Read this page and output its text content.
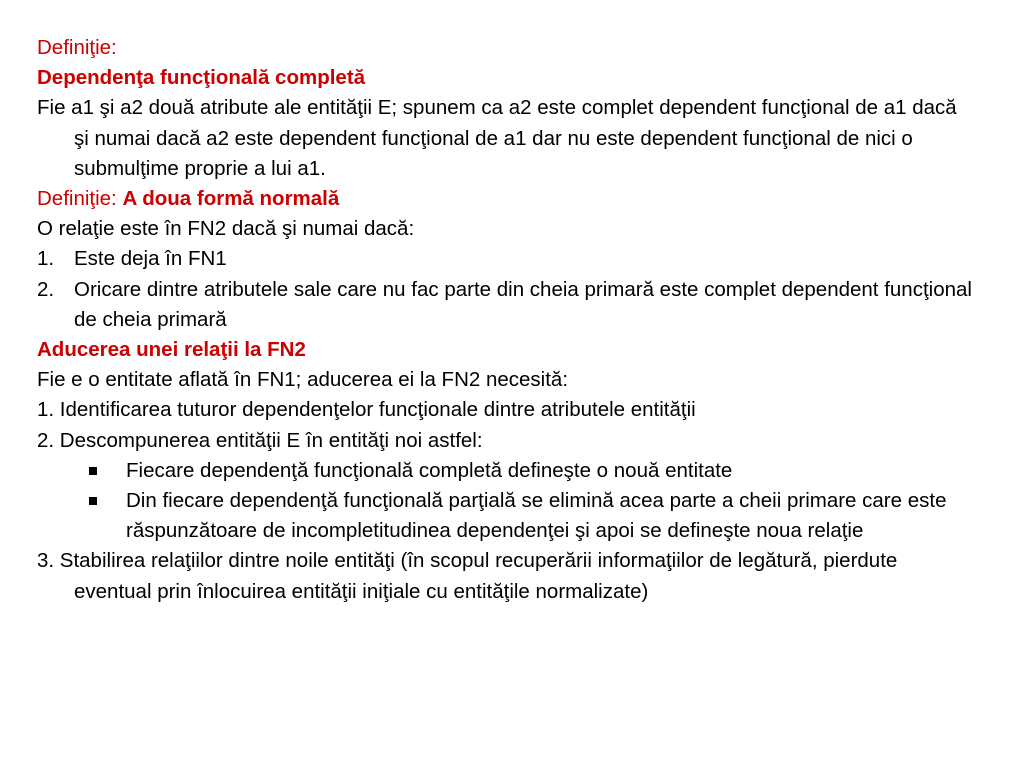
Definiţie:
Dependenţa funcţională completă
Fie a1 şi a2 două atribute ale entităţii E; spunem ca a2 este complet dependent funcţional de a1 dacă şi numai dacă a2 este dependent funcţional de a1 dar nu este dependent funcţional de nici o submulţime proprie a lui a1.
Definiţie: A doua formă normală
O relaţie este în FN2 dacă şi numai dacă:
1. Este deja în FN1
2. Oricare dintre atributele sale care nu fac parte din cheia primară este complet dependent funcţional de cheia primară
Aducerea unei relaţii la FN2
Fie e o entitate aflată în FN1; aducerea ei la FN2 necesită:
1. Identificarea tuturor dependenţelor funcţionale dintre atributele entităţii
2. Descompunerea entităţii E în entităţi noi astfel:
Fiecare dependenţă funcţională completă defineşte o nouă entitate
Din fiecare dependenţă funcţională parţială se elimină acea parte a cheii primare care este răspunzătoare de incompletitudinea dependenţei şi apoi se defineşte noua relaţie
3. Stabilirea relaţiilor dintre noile entităţi (în scopul recuperării informaţiilor de legătură, pierdute eventual prin înlocuirea entităţii iniţiale cu entităţile normalizate)
